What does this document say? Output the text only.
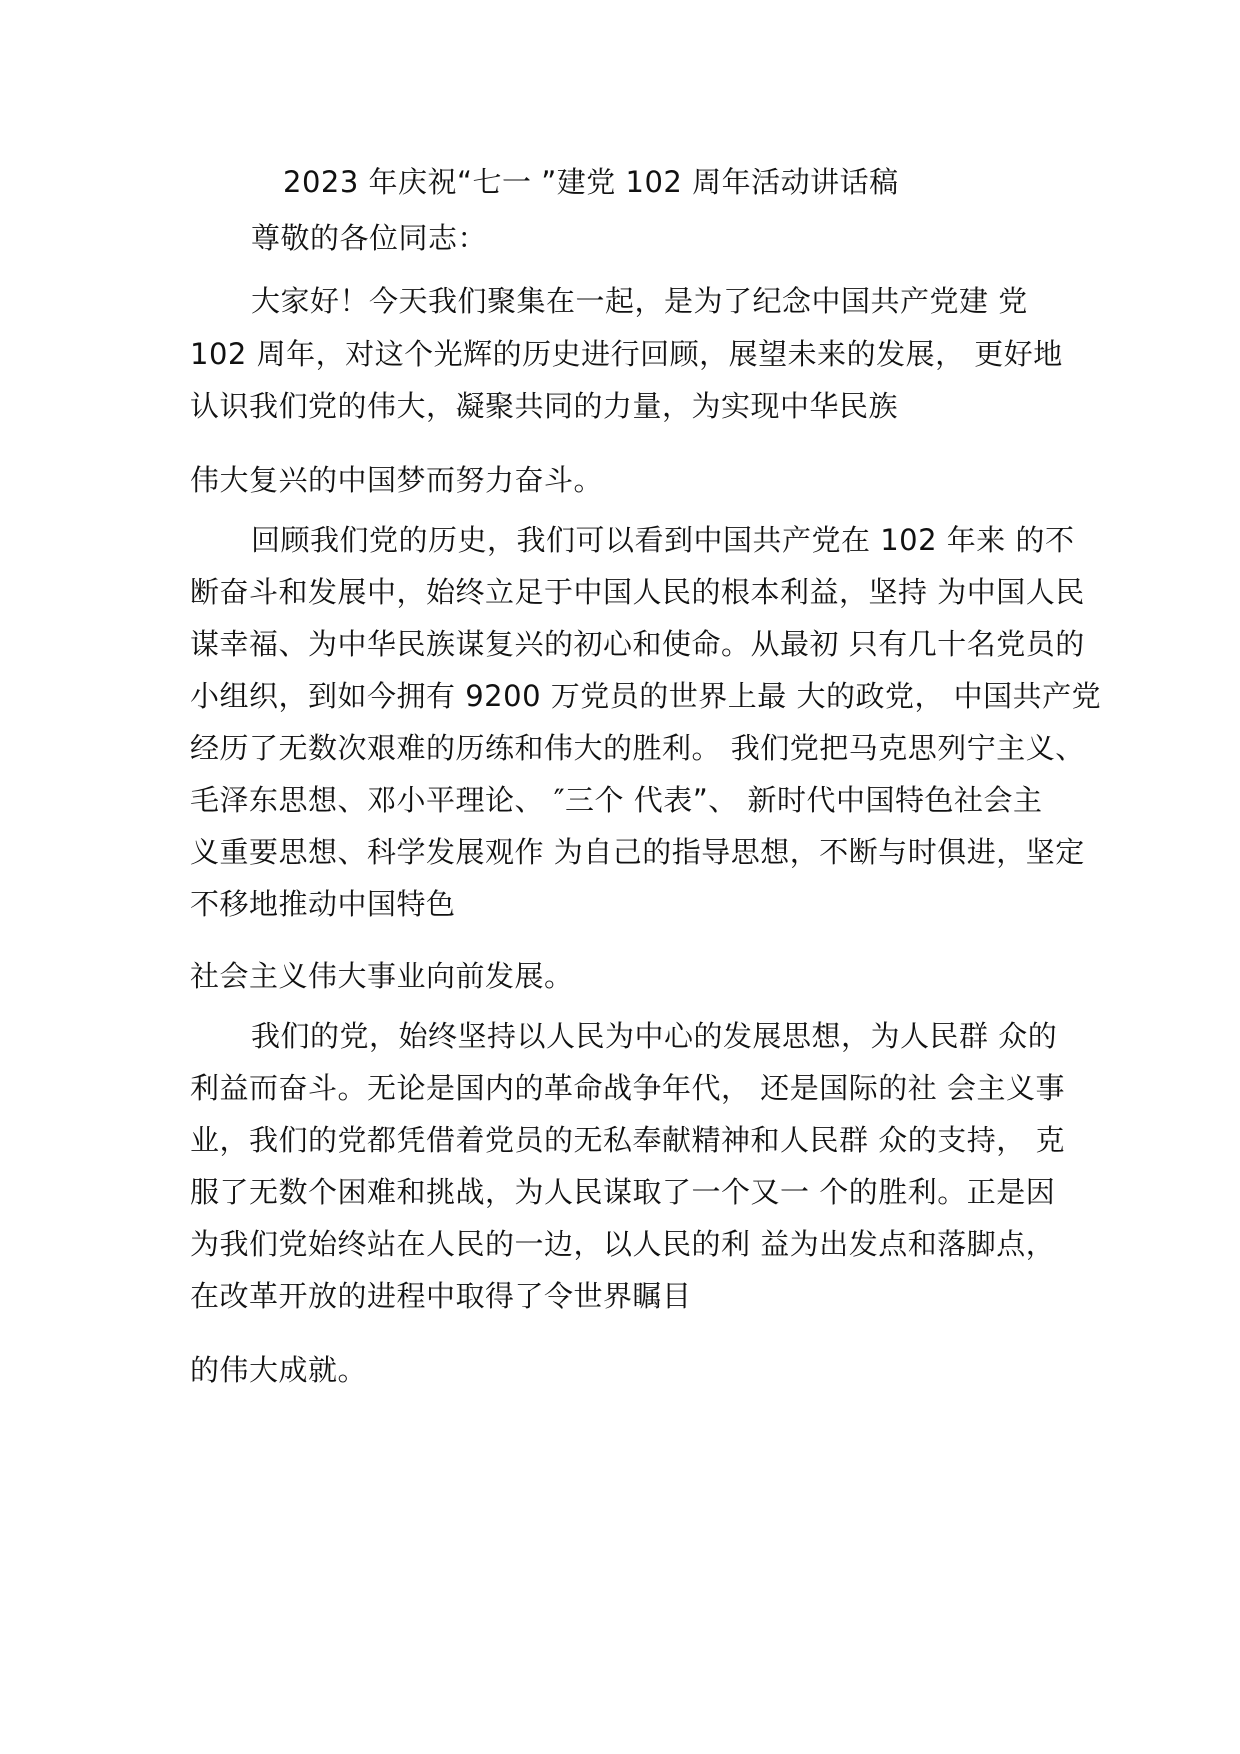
2023 年庆祝“七一 ”建党 102 周年活动讲话稿
尊敬的各位同志：
大家好！今天我们聚集在一起，是为了纪念中国共产党建 党
102 周年，对这个光辉的历史进行回顾，展望未来的发展， 更好地
认识我们党的伟大，凝聚共同的力量，为实现中华民族
伟大复兴的中国梦而努力奋斗。
回顾我们党的历史，我们可以看到中国共产党在 102 年来 的不
断奋斗和发展中，始终立足于中国人民的根本利益，坚持 为中国人民
谋幸福、为中华民族谋复兴的初心和使命。从最初 只有几十名党员的
小组织，到如今拥有 9200 万党员的世界上最 大的政党， 中国共产党
经历了无数次艰难的历练和伟大的胜利。 我们党把马克思列宁主义、
毛泽东思想、邓小平理论、 ″三个 代表”、 新时代中国特色社会主
义重要思想、科学发展观作 为自己的指导思想，不断与时俱进，坚定
不移地推动中国特色
社会主义伟大事业向前发展。
我们的党，始终坚持以人民为中心的发展思想，为人民群 众的
利益而奋斗。无论是国内的革命战争年代， 还是国际的社 会主义事
业，我们的党都凭借着党员的无私奉献精神和人民群 众的支持， 克
服了无数个困难和挑战，为人民谋取了一个又一 个的胜利。正是因
为我们党始终站在人民的一边，以人民的利 益为出发点和落脚点，
在改革开放的进程中取得了令世界瞩目
的伟大成就。
